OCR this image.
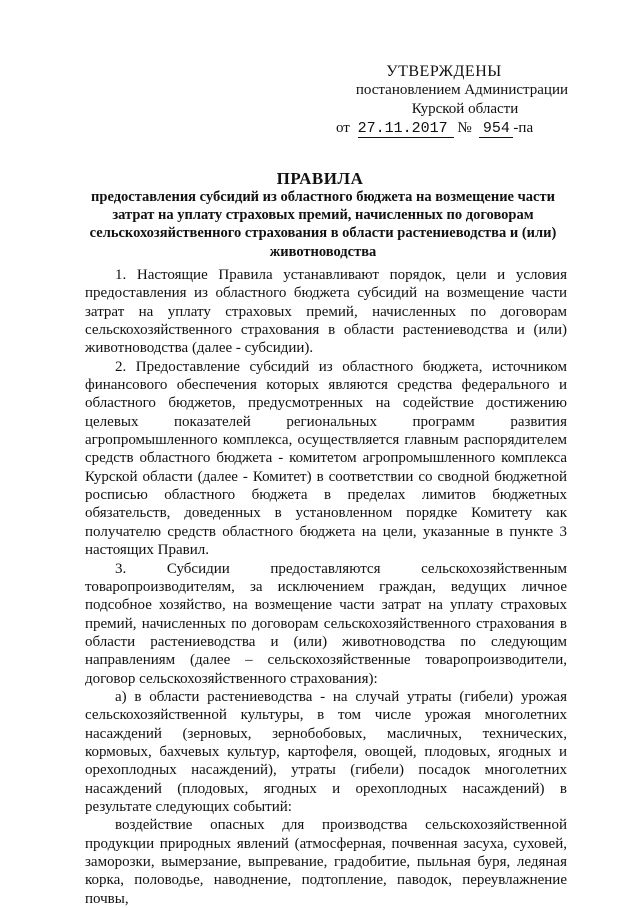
УТВЕРЖДЕНЫ
постановлением Администрации
Курской области
от 27.11.2017 № 954 -па
ПРАВИЛА
предоставления субсидий из областного бюджета на возмещение части затрат на уплату страховых премий, начисленных по договорам сельскохозяйственного страхования в области растениеводства и (или) животноводства

1. Настоящие Правила устанавливают порядок, цели и условия предоставления из областного бюджета субсидий на возмещение части затрат на уплату страховых премий, начисленных по договорам сельскохозяйственного страхования в области растениеводства и (или) животноводства (далее - субсидии).

2. Предоставление субсидий из областного бюджета, источником финансового обеспечения которых являются средства федерального и областного бюджетов, предусмотренных на содействие достижению целевых показателей региональных программ развития агропромышленного комплекса, осуществляется главным распорядителем средств областного бюджета - комитетом агропромышленного комплекса Курской области (далее - Комитет) в соответствии со сводной бюджетной росписью областного бюджета в пределах лимитов бюджетных обязательств, доведенных в установленном порядке Комитету как получателю средств областного бюджета на цели, указанные в пункте 3 настоящих Правил.

3. Субсидии предоставляются сельскохозяйственным товаропроизводителям, за исключением граждан, ведущих личное подсобное хозяйство, на возмещение части затрат на уплату страховых премий, начисленных по договорам сельскохозяйственного страхования в области растениеводства и (или) животноводства по следующим направлениям (далее – сельскохозяйственные товаропроизводители, договор сельскохозяйственного страхования):

а) в области растениеводства - на случай утраты (гибели) урожая сельскохозяйственной культуры, в том числе урожая многолетних насаждений (зерновых, зернобобовых, масличных, технических, кормовых, бахчевых культур, картофеля, овощей, плодовых, ягодных и орехоплодных насаждений), утраты (гибели) посадок многолетних насаждений (плодовых, ягодных и орехоплодных насаждений) в результате следующих событий:

воздействие опасных для производства сельскохозяйственной продукции природных явлений (атмосферная, почвенная засуха, суховей, заморозки, вымерзание, выпревание, градобитие, пыльная буря, ледяная корка, половодье, наводнение, подтопление, паводок, переувлажнение почвы,
